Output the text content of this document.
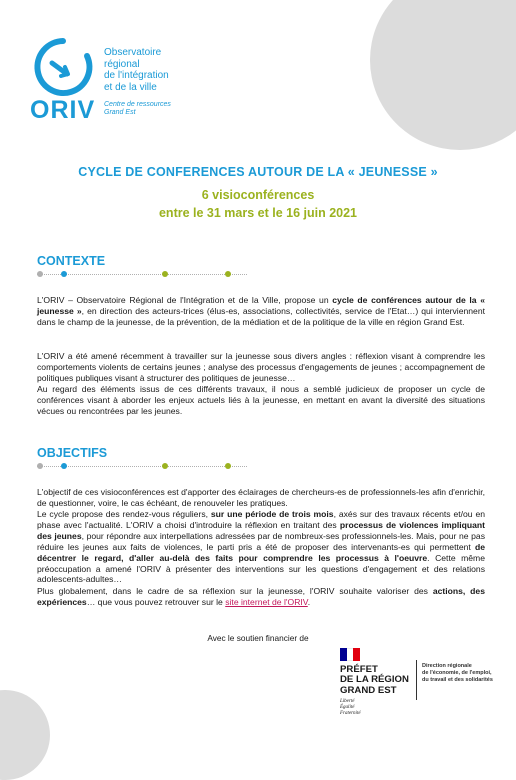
ORIV
Observatoire
régional
de l'intégration
et de la ville
Centre de ressources
Grand Est
CYCLE DE CONFERENCES AUTOUR DE LA « JEUNESSE »
6 visioconférences
entre le 31 mars et le 16 juin 2021
CONTEXTE
L'ORIV – Observatoire Régional de l'Intégration et de la Ville, propose un cycle de conférences autour de la « jeunesse », en direction des acteurs-trices (élus-es, associations, collectivités, service de l'Etat…) qui interviennent dans le champ de la jeunesse, de la prévention, de la médiation et de la politique de la ville en région Grand Est.
L'ORIV a été amené récemment à travailler sur la jeunesse sous divers angles : réflexion visant à comprendre les comportements violents de certains jeunes ; analyse des processus d'engagements de jeunes ; accompagnement de politiques publiques visant à structurer des politiques de jeunesse…
Au regard des éléments issus de ces différents travaux, il nous a semblé judicieux de proposer un cycle de conférences visant à aborder les enjeux actuels liés à la jeunesse, en mettant en avant la diversité des situations vécues ou rencontrées par les jeunes.
OBJECTIFS
L'objectif de ces visioconférences est d'apporter des éclairages de chercheurs-es de professionnels-les afin d'enrichir, de questionner, voire, le cas échéant, de renouveler les pratiques.
Le cycle propose des rendez-vous réguliers, sur une période de trois mois, axés sur des travaux récents et/ou en phase avec l'actualité. L'ORIV a choisi d'introduire la réflexion en traitant des processus de violences impliquant des jeunes, pour répondre aux interpellations adressées par de nombreux-ses professionnels-les. Mais, pour ne pas réduire les jeunes aux faits de violences, le parti pris a été de proposer des intervenants-es qui permettent de décentrer le regard, d'aller au-delà des faits pour comprendre les processus à l'oeuvre. Cette même préoccupation a amené l'ORIV à présenter des interventions sur les questions d'engagement et des relations adolescents-adultes…
Plus globalement, dans le cadre de sa réflexion sur la jeunesse, l'ORIV souhaite valoriser des actions, des expériences… que vous pouvez retrouver sur le site internet de l'ORIV.
Avec le soutien financier de
PRÉFET
DE LA RÉGION
GRAND EST
Liberté
Égalité
Fraternité
Direction régionale
de l'économie, de l'emploi,
du travail et des solidarités
